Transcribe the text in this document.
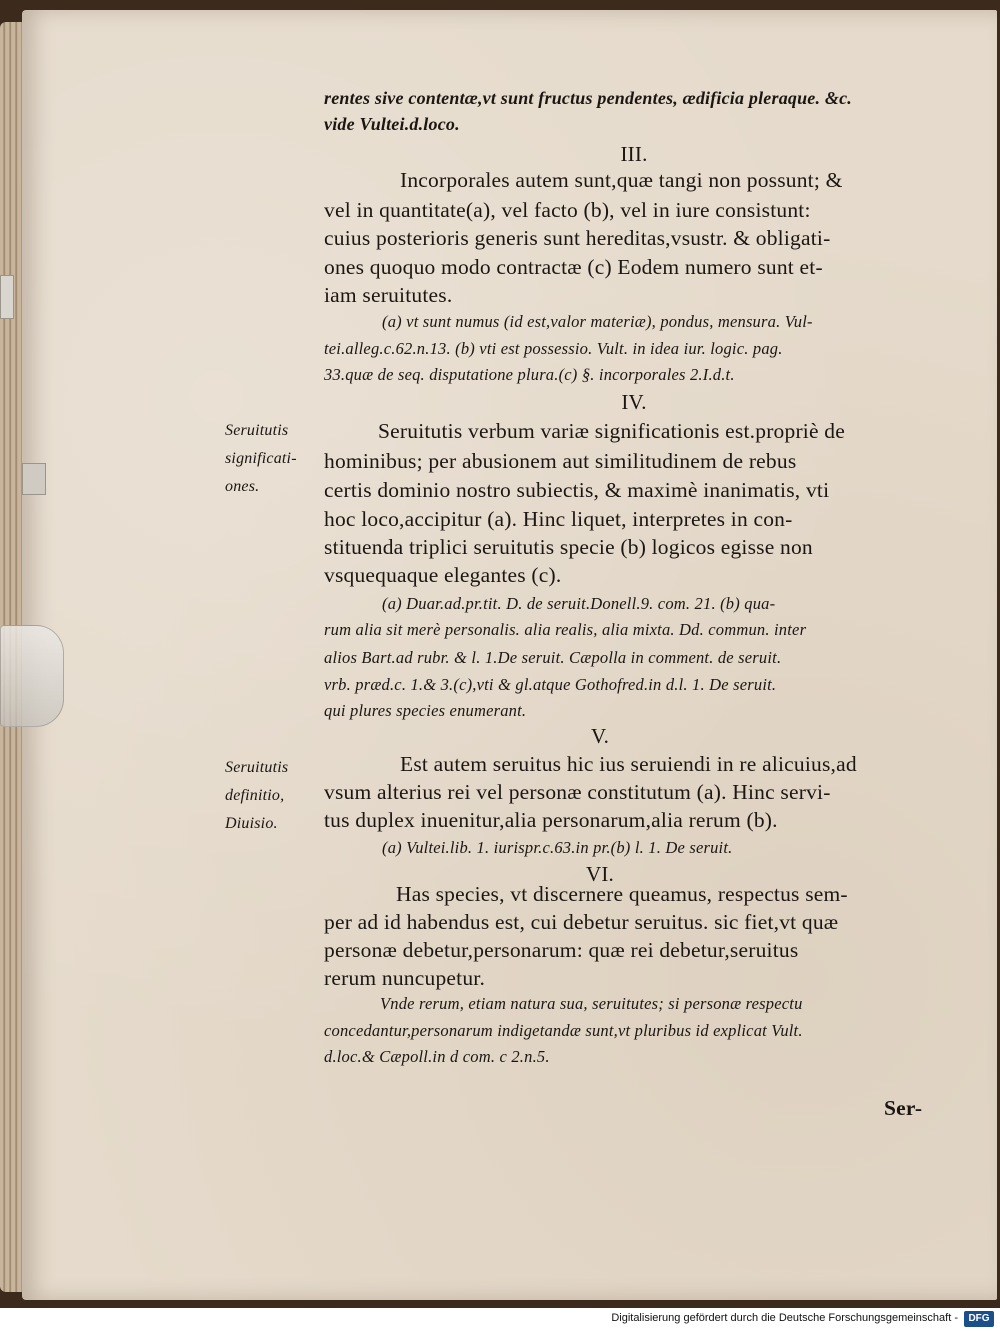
rentes sive contentæ,vt sunt fructus pendentes, ædificia pleraque. &c.
vide Vultei.d.loco.
III.
Incorporales autem sunt,quæ tangi non possunt; &
vel in quantitate(a), vel facto (b), vel in iure consistunt:
cuius posterioris generis sunt hereditas,vsustr. & obligati-
ones quoquo modo contractæ (c) Eodem numero sunt et-
iam seruitutes.
(a) vt sunt numus (id est,valor materiæ), pondus, mensura. Vul-
tei.alleg.c.62.n.13. (b) vti est possessio. Vult. in idea iur. logic. pag.
33.quæ de seq. disputatione plura.(c) §. incorporales 2.I.d.t.
IV.
Seruitutis
significati-
ones.
Seruitutis verbum variæ significationis est.propriè de
hominibus; per abusionem aut similitudinem de rebus
certis dominio nostro subiectis, & maximè inanimatis, vti
hoc loco,accipitur (a). Hinc liquet, interpretes in con-
stituenda triplici seruitutis specie (b) logicos egisse non
vsquequaque elegantes (c).
(a) Duar.ad.pr.tit. D. de seruit.Donell.9. com. 21. (b) qua-
rum alia sit merè personalis. alia realis, alia mixta. Dd. commun. inter
alios Bart.ad rubr. & l. 1.De seruit. Cæpolla in comment. de seruit.
vrb. præd.c. 1.& 3.(c),vti & gl.atque Gothofred.in d.l. 1. De seruit.
qui plures species enumerant.
V.
Seruitutis
definitio,
Diuisio.
Est autem seruitus hic ius seruiendi in re alicuius,ad
vsum alterius rei vel personæ constitutum (a). Hinc servi-
tus duplex inuenitur,alia personarum,alia rerum (b).
(a) Vultei.lib. 1. iurispr.c.63.in pr.(b) l. 1. De seruit.
VI.
Has species, vt discernere queamus, respectus sem-
per ad id habendus est, cui debetur seruitus. sic fiet,vt quæ
personæ debetur,personarum: quæ rei debetur,seruitus
rerum nuncupetur.
Vnde rerum, etiam natura sua, seruitutes; si personæ respectu
concedantur,personarum indigetandæ sunt,vt pluribus id explicat Vult.
d.loc.& Cæpoll.in d com. c 2.n.5.
Ser-
Digitalisierung gefördert durch die Deutsche Forschungsgemeinschaft -	DFG
